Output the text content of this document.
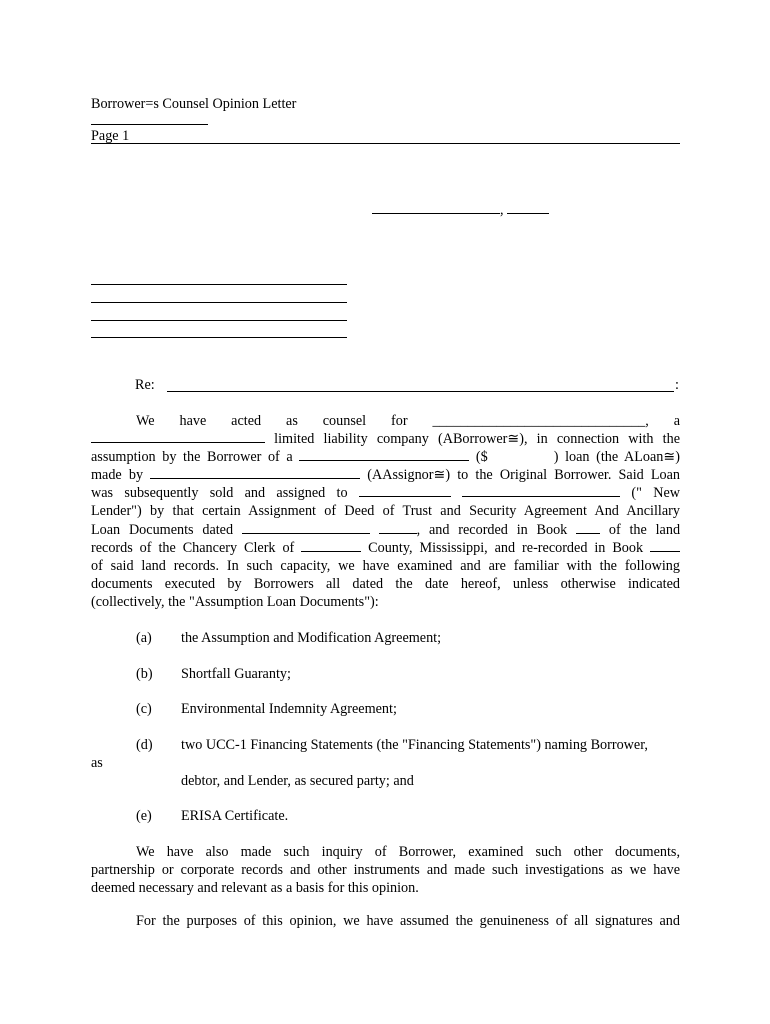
Borrower=s Counsel Opinion Letter
Page 1
,
Re:	:
We have acted as counsel for ______________________________, a
limited liability company (ABorrower≅), in connection with the
assumption by the Borrower of a	($	) loan (the ALoan≅)
made by	(AAssignor≅) to the Original Borrower. Said Loan
was subsequently sold and assigned to	(" New
Lender") by that certain Assignment of Deed of Trust and Security Agreement And Ancillary
Loan Documents dated	, and recorded in Book	of the land
records of the Chancery Clerk of	County, Mississippi, and re-recorded in Book
of said land records. In such capacity, we have examined and are familiar with the following
documents executed by Borrowers all dated the date hereof, unless otherwise indicated
(collectively, the "Assumption Loan Documents"):
(a) the Assumption and Modification Agreement;
(b) Shortfall Guaranty;
(c) Environmental Indemnity Agreement;
(d) two UCC-1 Financing Statements (the "Financing Statements") naming Borrower,
as
debtor, and Lender, as secured party; and
(e) ERISA Certificate.
We have also made such inquiry of Borrower, examined such other documents,
partnership or corporate records and other instruments and made such investigations as we have
deemed necessary and relevant as a basis for this opinion.
For the purposes of this opinion, we have assumed the genuineness of all signatures and
